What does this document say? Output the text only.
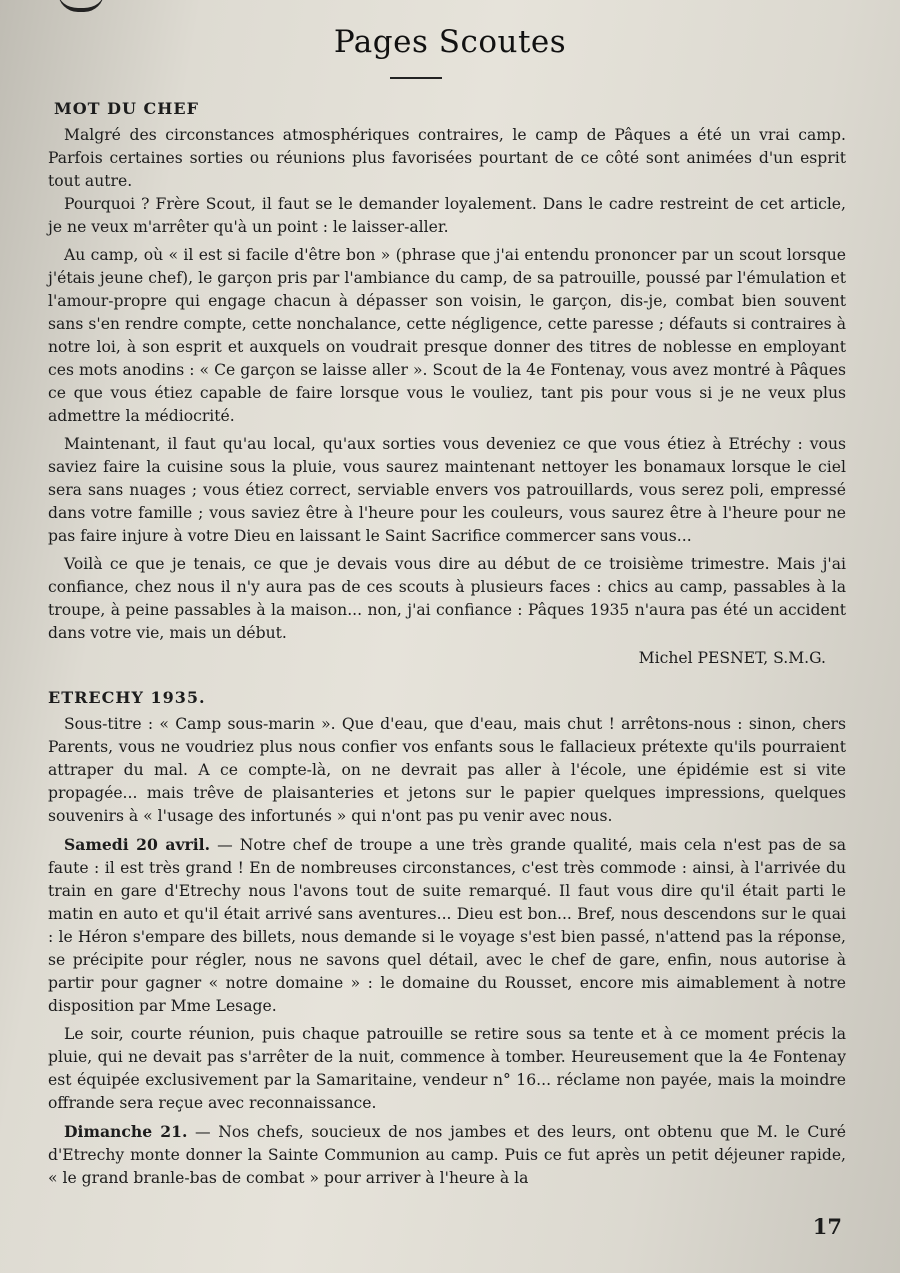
Pages Scoutes
MOT DU CHEF

Malgré des circonstances atmosphériques contraires, le camp de Pâques a été un vrai camp. Parfois certaines sorties ou réunions plus favorisées pourtant de ce côté sont animées d'un esprit tout autre.

Pourquoi ? Frère Scout, il faut se le demander loyalement. Dans le cadre restreint de cet article, je ne veux m'arrêter qu'à un point : le laisser-aller.

Au camp, où « il est si facile d'être bon » (phrase que j'ai entendu prononcer par un scout lorsque j'étais jeune chef), le garçon pris par l'ambiance du camp, de sa patrouille, poussé par l'émulation et l'amour-propre qui engage chacun à dépasser son voisin, le garçon, dis-je, combat bien souvent sans s'en rendre compte, cette nonchalance, cette négligence, cette paresse ; défauts si contraires à notre loi, à son esprit et auxquels on voudrait presque donner des titres de noblesse en employant ces mots anodins : « Ce garçon se laisse aller ». Scout de la 4e Fontenay, vous avez montré à Pâques ce que vous étiez capable de faire lorsque vous le vouliez, tant pis pour vous si je ne veux plus admettre la médiocrité.

Maintenant, il faut qu'au local, qu'aux sorties vous deveniez ce que vous étiez à Etréchy : vous saviez faire la cuisine sous la pluie, vous saurez maintenant nettoyer les bonamaux lorsque le ciel sera sans nuages ; vous étiez correct, serviable envers vos patrouillards, vous serez poli, empressé dans votre famille ; vous saviez être à l'heure pour les couleurs, vous saurez être à l'heure pour ne pas faire injure à votre Dieu en laissant le Saint Sacrifice commercer sans vous...

Voilà ce que je tenais, ce que je devais vous dire au début de ce troisième trimestre. Mais j'ai confiance, chez nous il n'y aura pas de ces scouts à plusieurs faces : chics au camp, passables à la troupe, à peine passables à la maison... non, j'ai confiance : Pâques 1935 n'aura pas été un accident dans votre vie, mais un début.

Michel PESNET, S.M.G.
ETRECHY 1935.

Sous-titre : « Camp sous-marin ». Que d'eau, que d'eau, mais chut ! arrêtons-nous : sinon, chers Parents, vous ne voudriez plus nous confier vos enfants sous le fallacieux prétexte qu'ils pourraient attraper du mal. A ce compte-là, on ne devrait pas aller à l'école, une épidémie est si vite propagée... mais trêve de plaisanteries et jetons sur le papier quelques impressions, quelques souvenirs à « l'usage des infortunés » qui n'ont pas pu venir avec nous.

Samedi 20 avril. — Notre chef de troupe a une très grande qualité, mais cela n'est pas de sa faute : il est très grand ! En de nombreuses circonstances, c'est très commode : ainsi, à l'arrivée du train en gare d'Etrechy nous l'avons tout de suite remarqué. Il faut vous dire qu'il était parti le matin en auto et qu'il était arrivé sans aventures... Dieu est bon... Bref, nous descendons sur le quai : le Héron s'empare des billets, nous demande si le voyage s'est bien passé, n'attend pas la réponse, se précipite pour régler, nous ne savons quel détail, avec le chef de gare, enfin, nous autorise à partir pour gagner « notre domaine » : le domaine du Rousset, encore mis aimablement à notre disposition par Mme Lesage.

Le soir, courte réunion, puis chaque patrouille se retire sous sa tente et à ce moment précis la pluie, qui ne devait pas s'arrêter de la nuit, commence à tomber. Heureusement que la 4e Fontenay est équipée exclusivement par la Samaritaine, vendeur n° 16... réclame non payée, mais la moindre offrande sera reçue avec reconnaissance.

Dimanche 21. — Nos chefs, soucieux de nos jambes et des leurs, ont obtenu que M. le Curé d'Etrechy monte donner la Sainte Communion au camp. Puis ce fut après un petit déjeuner rapide, « le grand branle-bas de combat » pour arriver à l'heure à la

17
